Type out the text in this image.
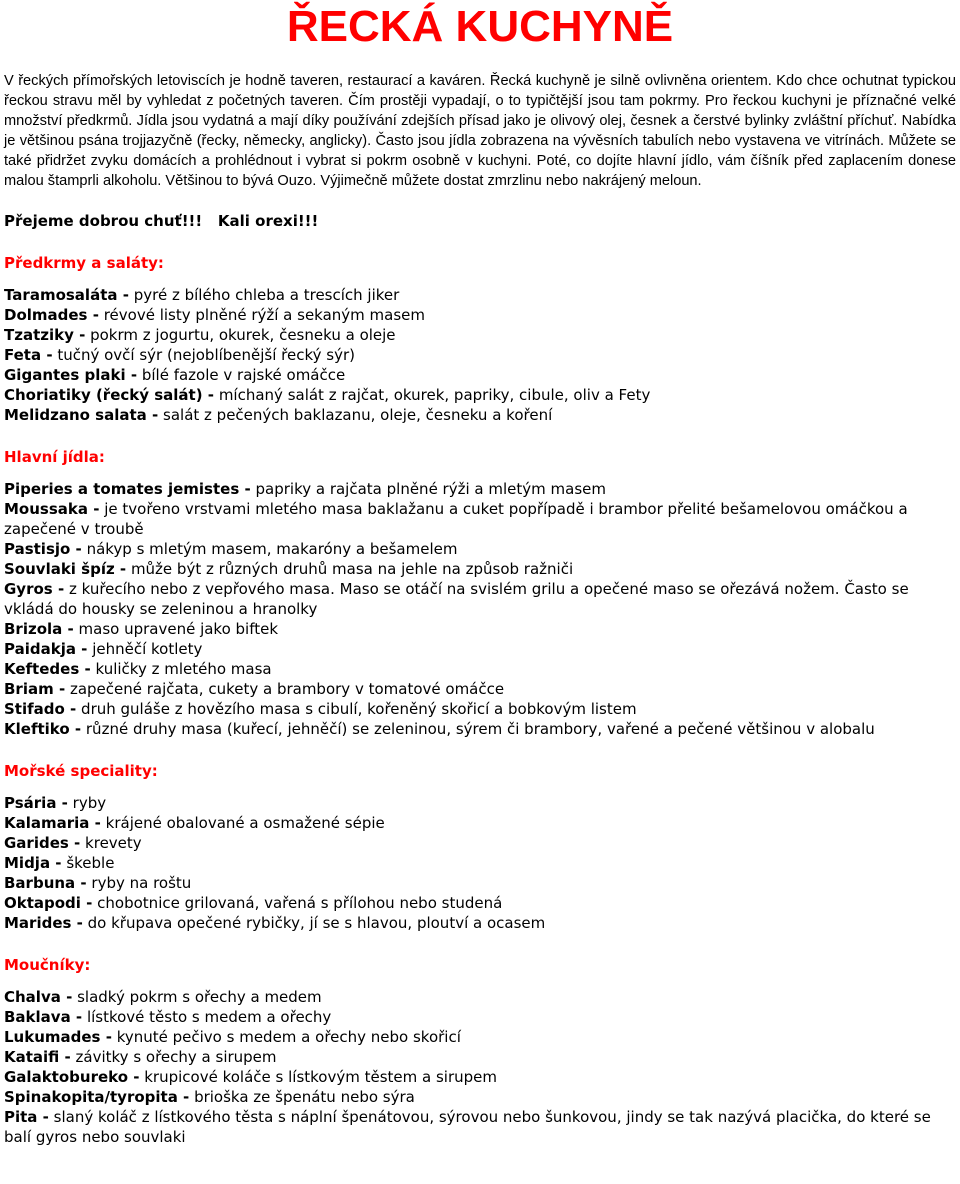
ŘECKÁ KUCHYNĚ

V řeckých přímořských letoviscích je hodně taveren, restaurací a kaváren. Řecká kuchyně je silně ovlivněna orientem. Kdo chce ochutnat typickou řeckou stravu měl by vyhledat z početných taveren. Čím prostěji vypadají, o to typičtější jsou tam pokrmy. Pro řeckou kuchyni je příznačné velké množství předkrmů. Jídla jsou vydatná a mají díky používání zdejších přísad jako je olivový olej, česnek a čerstvé bylinky zvláštní příchuť. Nabídka je většinou psána trojjazyčně (řecky, německy, anglicky). Často jsou jídla zobrazena na vývěsních tabulích nebo vystavena ve vitrínách. Můžete se také přidržet zvyku domácích a prohlédnout i vybrat si pokrm osobně v kuchyni. Poté, co dojíte hlavní jídlo, vám číšník před zaplacením donese malou štamprli alkoholu. Většinou to bývá Ouzo. Výjimečně můžete dostat zmrzlinu nebo nakrájený meloun.

Přejeme dobrou chuť!!!   Kali orexi!!!
Předkrmy a saláty:
Taramosaláta - pyré z bílého chleba a trescích jiker
Dolmades - révové listy plněné rýží a sekaným masem
Tzatziky - pokrm z jogurtu, okurek, česneku a oleje
Feta - tučný ovčí sýr (nejoblíbenější řecký sýr)
Gigantes plaki - bílé fazole v rajské omáčce
Choriatiky (řecký salát) - míchaný salát z rajčat, okurek, papriky, cibule, oliv a Fety
Melidzano salata - salát z pečených baklazanu, oleje, česneku a koření
Hlavní jídla:
Piperies a tomates jemistes - papriky a rajčata plněné rýži a mletým masem
Moussaka - je tvořeno vrstvami mletého masa baklažanu a cuket popřípadě i brambor přelité bešamelovou omáčkou a zapečené v troubě
Pastisjo - nákyp s mletým masem, makaróny a bešamelem
Souvlaki špíz - může být z různých druhů masa na jehle na způsob ražniči
Gyros - z kuřecího nebo z vepřového masa. Maso se otáčí na svislém grilu a opečené maso se ořezává nožem. Často se vkládá do housky se zeleninou a hranolky
Brizola - maso upravené jako biftek
Paidakja - jehněčí kotlety
Keftedes - kuličky z mletého masa
Briam - zapečené rajčata, cukety a brambory v tomatové omáčce
Stifado - druh guláše z hovězího masa s cibulí, kořeněný skořicí a bobkovým listem
Kleftiko - různé druhy masa (kuřecí, jehněčí) se zeleninou, sýrem či brambory, vařené a pečené většinou v alobalu
Mořské speciality:
Psária - ryby
Kalamaria - krájené obalované a osmažené sépie
Garides - krevety
Midja - škeble
Barbuna - ryby na roštu
Oktapodi - chobotnice grilovaná, vařená s přílohou nebo studená
Marides - do křupava opečené rybičky, jí se s hlavou, ploutví a ocasem
Moučníky:
Chalva - sladký pokrm s ořechy a medem
Baklava - lístkové těsto s medem a ořechy
Lukumades - kynuté pečivo s medem a ořechy nebo skořicí
Kataifi - závitky s ořechy a sirupem
Galaktobureko - krupicové koláče s lístkovým těstem a sirupem
Spinakopita/tyropita - brioška ze špenátu nebo sýra
Pita - slaný koláč z lístkového těsta s náplní špenátovou, sýrovou nebo šunkovou, jindy se tak nazývá placička, do které se balí gyros nebo souvlaki
